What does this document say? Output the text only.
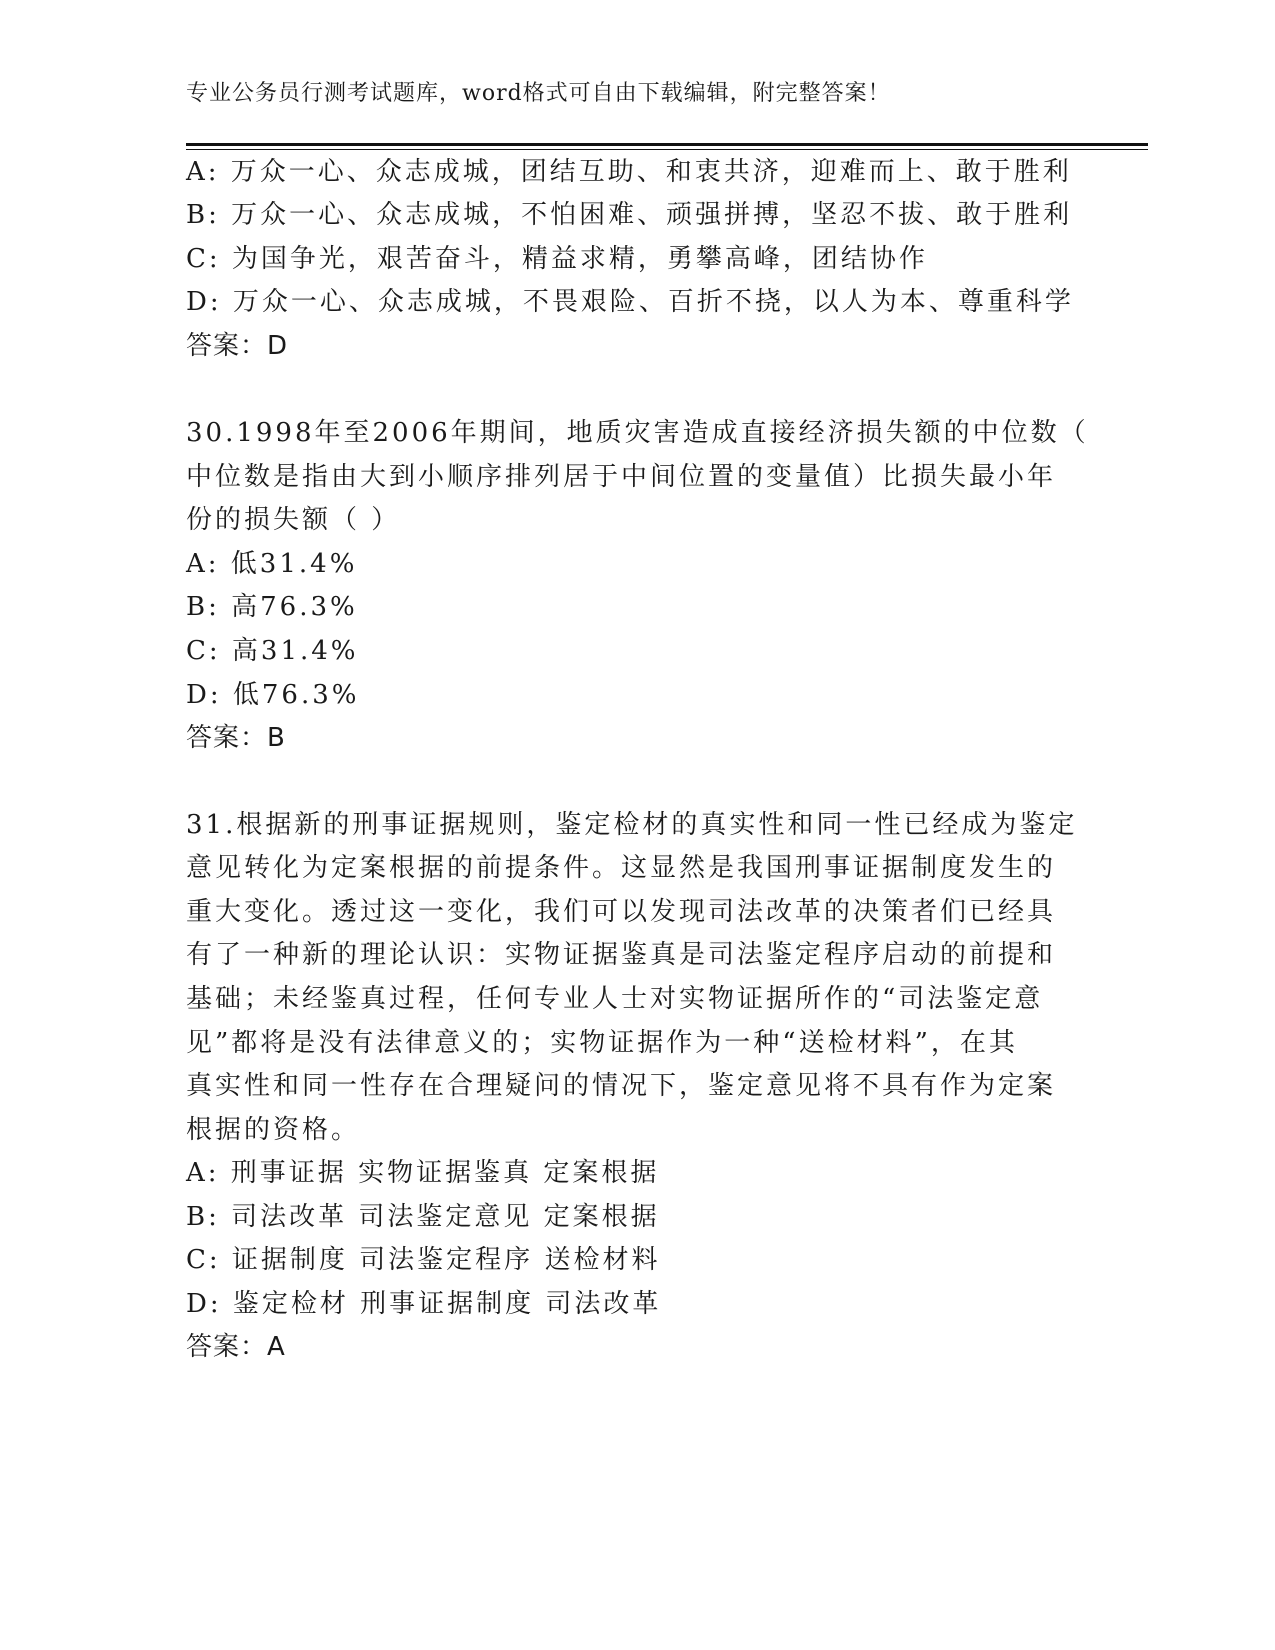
专业公务员行测考试题库，word格式可自由下载编辑，附完整答案！
A: 万众一心、众志成城，团结互助、和衷共济，迎难而上、敢于胜利
B: 万众一心、众志成城，不怕困难、顽强拼搏，坚忍不拔、敢于胜利
C: 为国争光，艰苦奋斗，精益求精，勇攀高峰，团结协作
D: 万众一心、众志成城，不畏艰险、百折不挠，以人为本、尊重科学
答案：D
30.1998年至2006年期间，地质灾害造成直接经济损失额的中位数（
中位数是指由大到小顺序排列居于中间位置的变量值）比损失最小年
份的损失额（ ）
A: 低31.4%
B: 高76.3%
C: 高31.4%
D: 低76.3%
答案：B
31.根据新的刑事证据规则，鉴定检材的真实性和同一性已经成为鉴定
意见转化为定案根据的前提条件。这显然是我国刑事证据制度发生的
重大变化。透过这一变化，我们可以发现司法改革的决策者们已经具
有了一种新的理论认识：实物证据鉴真是司法鉴定程序启动的前提和
基础；未经鉴真过程，任何专业人士对实物证据所作的“司法鉴定意
见”都将是没有法律意义的；实物证据作为一种“送检材料”，在其
真实性和同一性存在合理疑问的情况下，鉴定意见将不具有作为定案
根据的资格。
A: 刑事证据 实物证据鉴真 定案根据
B: 司法改革 司法鉴定意见 定案根据
C: 证据制度 司法鉴定程序 送检材料
D: 鉴定检材 刑事证据制度 司法改革
答案：A
